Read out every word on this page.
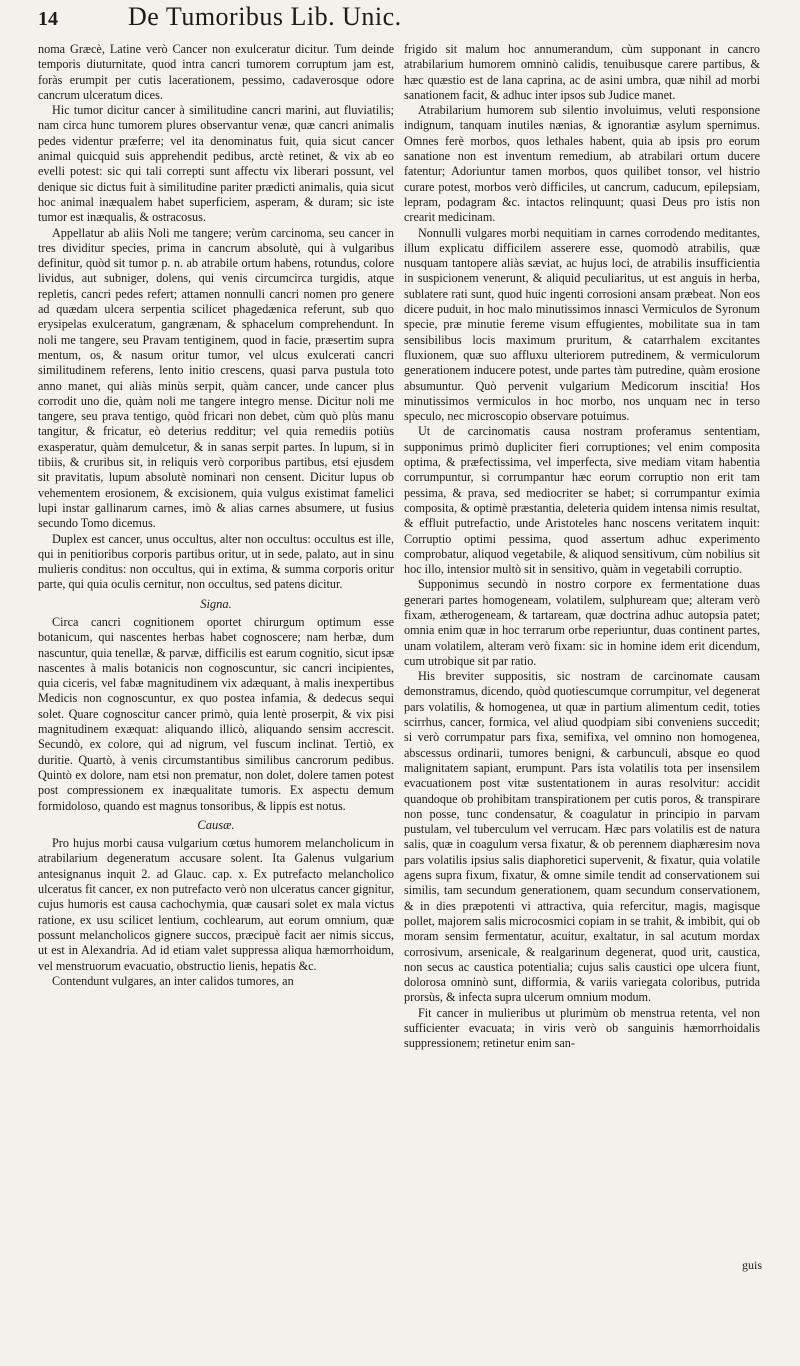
14	De Tumoribus Lib. Unic.

noma Græcè, Latine verò Cancer non exulceratur dicitur. Tum deinde temporis diuturnitate, quod intra cancri tumorem corruptum jam est, foràs erumpit per cutis lacerationem, pessimo, cadaverosque odore cancrum ulceratum dices.

Hic tumor dicitur cancer à similitudine cancri marini, aut fluviatilis; nam circa hunc tumorem plures observantur venæ, quæ cancri animalis pedes videntur præferre; vel ita denominatus fuit, quia sicut cancer animal quicquid suis apprehendit pedibus, arctè retinet, & vix ab eo evelli potest: sic qui tali correpti sunt affectu vix liberari possunt, vel denique sic dictus fuit à similitudine pariter prædicti animalis, quia sicut hoc animal inæqualem habet superficiem, asperam, & duram; sic iste tumor est inæqualis, & ostracosus.

Appellatur ab aliis Noli me tangere; verùm carcinoma, seu cancer in tres dividitur species, prima in cancrum absolutè, qui à vulgaribus definitur, quòd sit tumor p. n. ab atrabile ortum habens, rotundus, colore lividus, aut subniger, dolens, qui venis circumcirca turgidis, atque repletis, cancri pedes refert; attamen nonnulli cancri nomen pro genere ad quædam ulcera serpentia scilicet phagedænica referunt, sub quo erysipelas exulceratum, gangrænam, & sphacelum comprehendunt. In noli me tangere, seu Pravam tentiginem, quod in facie, præsertim supra mentum, os, & nasum oritur tumor, vel ulcus exulcerati cancri similitudinem referens, lento initio crescens, quasi parva pustula toto anno manet, qui aliàs minùs serpit, quàm cancer, unde cancer plus corrodit uno die, quàm noli me tangere integro mense. Dicitur noli me tangere, seu prava tentigo, quòd fricari non debet, cùm quò plùs manu tangitur, & fricatur, eò deterius redditur; vel quia remediis potiùs exasperatur, quàm demulcetur, & in sanas serpit partes. In lupum, si in tibiis, & cruribus sit, in reliquis verò corporibus partibus, etsi ejusdem sit pravitatis, lupum absolutè nominari non censent. Dicitur lupus ob vehementem erosionem, & excisionem, quia vulgus existimat famelici lupi instar gallinarum carnes, imò & alias carnes absumere, ut fusius secundo Tomo dicemus.

Duplex est cancer, unus occultus, alter non occultus: occultus est ille, qui in penitioribus corporis partibus oritur, ut in sede, palato, aut in sinu mulieris conditus: non occultus, qui in extima, & summa corporis oritur parte, qui quia oculis cernitur, non occultus, sed patens dicitur.

Signa.

Circa cancri cognitionem oportet chirurgum optimum esse botanicum, qui nascentes herbas habet cognoscere; nam herbæ, dum nascuntur, quia tenellæ, & parvæ, difficilis est earum cognitio, sicut ipsæ nascentes à malis botanicis non cognoscuntur, sic cancri incipientes, quia ciceris, vel fabæ magnitudinem vix adæquant, à malis inexpertibus Medicis non cognoscuntur, ex quo postea infamia, & dedecus sequi solet. Quare cognoscitur cancer primò, quia lentè proserpit, & vix pisi magnitudinem exæquat: aliquando illicò, aliquando sensim accrescit. Secundò, ex colore, qui ad nigrum, vel fuscum inclinat. Tertiò, ex duritie. Quartò, à venis circumstantibus similibus cancrorum pedibus. Quintò ex dolore, nam etsi non prematur, non dolet, dolere tamen potest post compressionem ex inæqualitate tumoris. Ex aspectu demum formidoloso, quando est magnus tonsoribus, & lippis est notus.

Causæ.

Pro hujus morbi causa vulgarium cœtus humorem melancholicum in atrabilarium degeneratum accusare solent. Ita Galenus vulgarium antesignanus inquit 2. ad Glauc. cap. x. Ex putrefacto melancholico ulceratus fit cancer, ex non putrefacto verò non ulceratus cancer gignitur, cujus humoris est causa cachochymia, quæ causari solet ex mala victus ratione, ex usu scilicet lentium, cochlearum, aut eorum omnium, quæ possunt melancholicos gignere succos, præcipuè facit aer nimis siccus, ut est in Alexandria. Ad id etiam valet suppressa aliqua hæmorrhoidum, vel menstruorum evacuatio, obstructio lienis, hepatis &c.

Contendunt vulgares, an inter calidos tumores, an

frigido sit malum hoc annumerandum, cùm supponant in cancro atrabilarium humorem omninò calidis, tenuibusque carere partibus, & hæc quæstio est de lana caprina, ac de asini umbra, quæ nihil ad morbi sanationem facit, & adhuc inter ipsos sub Judice manet.

Atrabilarium humorem sub silentio involuimus, veluti responsione indignum, tanquam inutiles nænias, & ignorantiæ asylum spernimus. Omnes ferè morbos, quos lethales habent, quia ab ipsis pro eorum sanatione non est inventum remedium, ab atrabilari ortum ducere fatentur; Adoriuntur tamen morbos, quos quilibet tonsor, vel histrio curare potest, morbos verò difficiles, ut cancrum, caducum, epilepsiam, lepram, podagram &c. intactos relinquunt; quasi Deus pro istis non crearit medicinam.

Nonnulli vulgares morbi nequitiam in carnes corrodendo meditantes, illum explicatu difficilem asserere esse, quomodò atrabilis, quæ nusquam tantopere aliàs sæviat, ac hujus loci, de atrabilis insufficientia in suspicionem venerunt, & aliquid peculiaritus, ut est anguis in herba, sublatere rati sunt, quod huic ingenti corrosioni ansam præbeat. Non eos dicere puduit, in hoc malo minutissimos innasci Vermiculos de Syronum specie, præ minutie fereme visum effugientes, mobilitate sua in tam sensibilibus locis maximum pruritum, & catarrhalem excitantes fluxionem, quæ suo affluxu ulteriorem putredinem, & vermiculorum generationem inducere potest, unde partes tàm putredine, quàm erosione absumuntur. Quò pervenit vulgarium Medicorum inscitia! Hos minutissimos vermiculos in hoc morbo, nos unquam nec in terso speculo, nec microscopio observare potuimus.

Ut de carcinomatis causa nostram proferamus sententiam, supponimus primò dupliciter fieri corruptiones; vel enim composita optima, & præfectissima, vel imperfecta, sive mediam vitam habentia corrumpuntur, si corrumpantur hæc eorum corruptio non erit tam pessima, & prava, sed mediocriter se habet; si corrumpantur eximia composita, & optimè præstantia, deleteria quidem intensa nimis resultat, & effluit putrefactio, unde Aristoteles hanc noscens veritatem inquit: Corruptio optimi pessima, quod assertum adhuc experimento comprobatur, aliquod vegetabile, & aliquod sensitivum, cùm nobilius sit hoc illo, intensior multò sit in sensitivo, quàm in vegetabili corruptio.

Supponimus secundò in nostro corpore ex fermentatione duas generari partes homogeneam, volatilem, sulphuream que; alteram verò fixam, ætherogeneam, & tartaream, quæ doctrina adhuc autopsia patet; omnia enim quæ in hoc terrarum orbe reperiuntur, duas continent partes, unam volatilem, alteram verò fixam: sic in homine idem erit dicendum, cum utrobique sit par ratio.

His breviter suppositis, sic nostram de carcinomate causam demonstramus, dicendo, quòd quotiescumque corrumpitur, vel degenerat pars volatilis, & homogenea, ut quæ in partium alimentum cedit, toties scirrhus, cancer, formica, vel aliud quodpiam sibi conveniens succedit; si verò corrumpatur pars fixa, semifixa, vel omnino non homogenea, abscessus ordinarii, tumores benigni, & carbunculi, absque eo quod malignitatem sapiant, erumpunt. Pars ista volatilis tota per insensilem evacuationem post vitæ sustentationem in auras resolvitur: accidit quandoque ob prohibitam transpirationem per cutis poros, & transpirare non posse, tunc condensatur, & coagulatur in principio in parvam pustulam, vel tuberculum vel verrucam. Hæc pars volatilis est de natura salis, quæ in coagulum versa fixatur, & ob perennem diaphæresim nova pars volatilis ipsius salis diaphoretici supervenit, & fixatur, quia volatile agens supra fixum, fixatur, & omne simile tendit ad conservationem sui similis, tam secundum generationem, quam secundum conservationem, & in dies præpotenti vi attractiva, quia refercitur, magis, magisque pollet, majorem salis microcosmici copiam in se trahit, & imbibit, qui ob moram sensim fermentatur, acuitur, exaltatur, in sal acutum mordax corrosivum, arsenicale, & realgarinum degenerat, quod urit, caustica, non secus ac caustica potentialia; cujus salis caustici ope ulcera fiunt, dolorosa omninò sunt, difformia, & variis variegata coloribus, putrida prorsùs, & infecta supra ulcerum omnium modum.

Fit cancer in mulieribus ut plurimùm ob menstrua retenta, vel non sufficienter evacuata; in viris verò ob sanguinis hæmorrhoidalis suppressionem; retinetur enim san-

guis
